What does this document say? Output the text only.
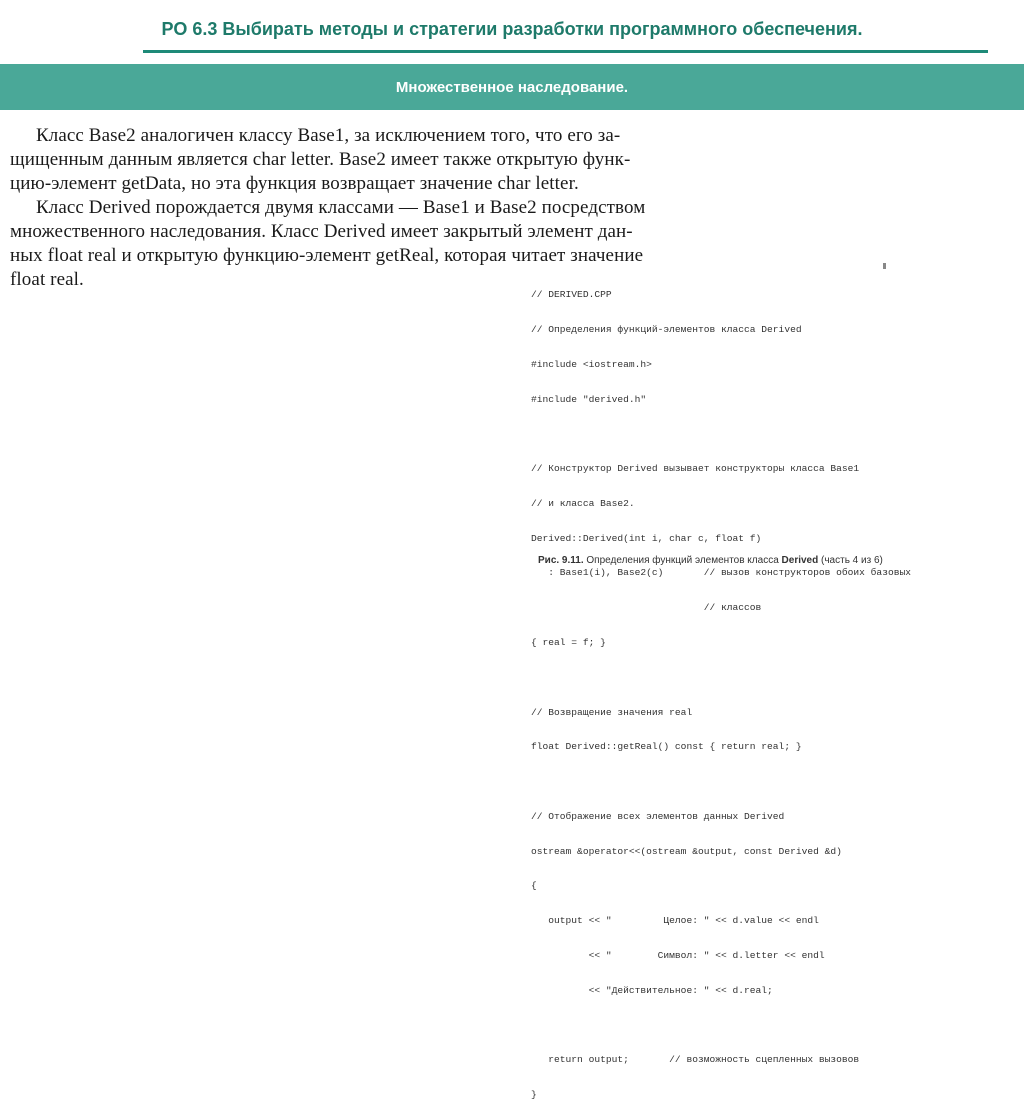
РО 6.3 Выбирать методы и стратегии разработки программного обеспечения.
Множественное наследование.
Класс Base2 аналогичен классу Base1, за исключением того, что его за-
щищенным данным является char letter. Base2 имеет также открытую функ-
цию-элемент getData, но эта функция возвращает значение char letter.
Класс Derived порождается двумя классами — Base1 и Base2 посредством
множественного наследования. Класс Derived имеет закрытый элемент дан-
ных float real и открытую функцию-элемент getReal, которая читает значение
float real.

// DERIVED.CPP

// Определения функций-элементов класса Derived

#include <iostream.h>

#include "derived.h"

// Конструктор Derived вызывает конструкторы класса Base1

// и класса Base2.

Derived::Derived(int i, char c, float f)

: Base1(i), Base2(c)       // вызов конструкторов обоих базовых

// классов

{ real = f; }

// Возвращение значения real

float Derived::getReal() const { return real; }

// Отображение всех элементов данных Derived

ostream &operator<<(ostream &output, const Derived &d)

{

output << "         Целое: " << d.value << endl

<< "        Символ: " << d.letter << endl

<< "Действительное: " << d.real;

return output;       // возможность сцепленных вызовов

}

Рис. 9.11. Определения функций элементов класса Derived (часть 4 из 6)
